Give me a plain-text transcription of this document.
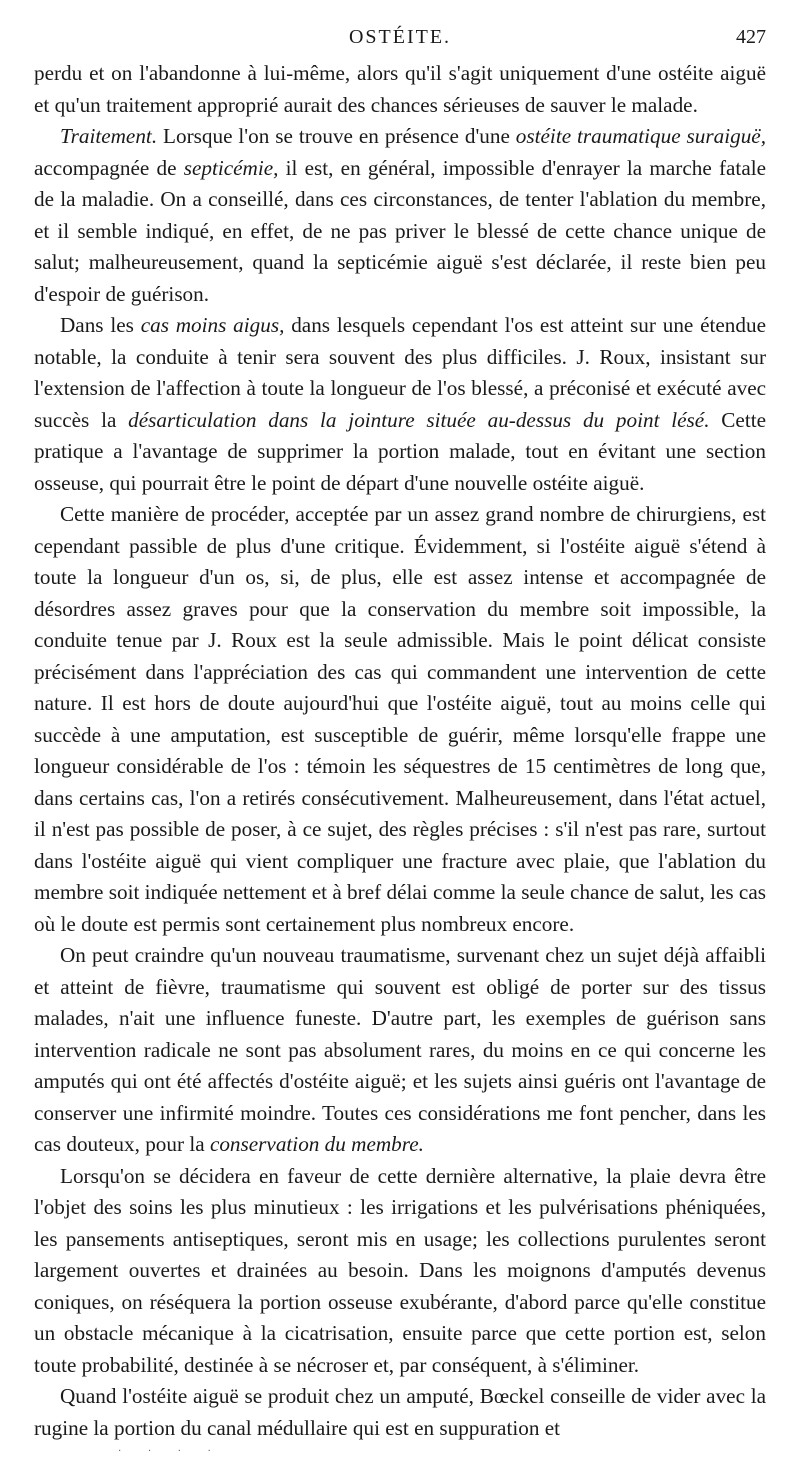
OSTÉITE.	427

perdu et on l'abandonne à lui-même, alors qu'il s'agit uniquement d'une ostéite aiguë et qu'un traitement approprié aurait des chances sérieuses de sauver le malade.

Traitement. Lorsque l'on se trouve en présence d'une ostéite traumatique suraiguë, accompagnée de septicémie, il est, en général, impossible d'enrayer la marche fatale de la maladie. On a conseillé, dans ces circonstances, de tenter l'ablation du membre, et il semble indiqué, en effet, de ne pas priver le blessé de cette chance unique de salut; malheureusement, quand la septicémie aiguë s'est déclarée, il reste bien peu d'espoir de guérison.

Dans les cas moins aigus, dans lesquels cependant l'os est atteint sur une étendue notable, la conduite à tenir sera souvent des plus difficiles. J. Roux, insistant sur l'extension de l'affection à toute la longueur de l'os blessé, a préconisé et exécuté avec succès la désarticulation dans la jointure située au-dessus du point lésé. Cette pratique a l'avantage de supprimer la portion malade, tout en évitant une section osseuse, qui pourrait être le point de départ d'une nouvelle ostéite aiguë.

Cette manière de procéder, acceptée par un assez grand nombre de chirurgiens, est cependant passible de plus d'une critique. Évidemment, si l'ostéite aiguë s'étend à toute la longueur d'un os, si, de plus, elle est assez intense et accompagnée de désordres assez graves pour que la conservation du membre soit impossible, la conduite tenue par J. Roux est la seule admissible. Mais le point délicat consiste précisément dans l'appréciation des cas qui commandent une intervention de cette nature. Il est hors de doute aujourd'hui que l'ostéite aiguë, tout au moins celle qui succède à une amputation, est susceptible de guérir, même lorsqu'elle frappe une longueur considérable de l'os : témoin les séquestres de 15 centimètres de long que, dans certains cas, l'on a retirés consécutivement. Malheureusement, dans l'état actuel, il n'est pas possible de poser, à ce sujet, des règles précises : s'il n'est pas rare, surtout dans l'ostéite aiguë qui vient compliquer une fracture avec plaie, que l'ablation du membre soit indiquée nettement et à bref délai comme la seule chance de salut, les cas où le doute est permis sont certainement plus nombreux encore.

On peut craindre qu'un nouveau traumatisme, survenant chez un sujet déjà affaibli et atteint de fièvre, traumatisme qui souvent est obligé de porter sur des tissus malades, n'ait une influence funeste. D'autre part, les exemples de guérison sans intervention radicale ne sont pas absolument rares, du moins en ce qui concerne les amputés qui ont été affectés d'ostéite aiguë; et les sujets ainsi guéris ont l'avantage de conserver une infirmité moindre. Toutes ces considérations me font pencher, dans les cas douteux, pour la conservation du membre.

Lorsqu'on se décidera en faveur de cette dernière alternative, la plaie devra être l'objet des soins les plus minutieux : les irrigations et les pulvérisations phéniquées, les pansements antiseptiques, seront mis en usage; les collections purulentes seront largement ouvertes et drainées au besoin. Dans les moignons d'amputés devenus coniques, on réséquera la portion osseuse exubérante, d'abord parce qu'elle constitue un obstacle mécanique à la cicatrisation, ensuite parce que cette portion est, selon toute probabilité, destinée à se nécroser et, par conséquent, à s'éliminer.

Quand l'ostéite aiguë se produit chez un amputé, Bœckel conseille de vider avec la rugine la portion du canal médullaire qui est en suppuration et

· · · ·
